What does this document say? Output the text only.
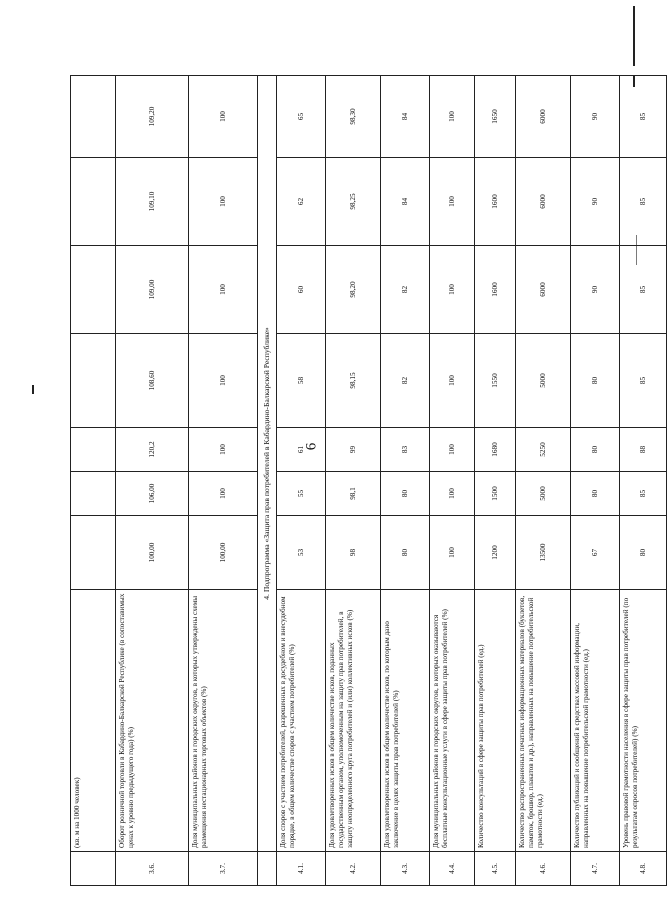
6
	(кв. м на 1000 человек)							
3.6.	Оборот розничной торговли в Кабардино-Балкарской Республике (в сопоставимых ценах к уровню предыдущего года) (%)	100,00	106,00	120,2	108,60	109,00	109,10	109,20
3.7.	Доля муниципальных районов и городских округов, в которых утверждены схемы размещения нестационарных торговых объектов (%)	100,00	100	100	100	100	100	100
	4. Подпрограмма «Защита прав потребителей в Кабардино-Балкарской Республике»							
4.1.	Доля споров с участием потребителей, разрешенных в досудебном и внесудебном порядке, в общем количестве споров с участием потребителей (%)	53	55	61	58	60	62	65
4.2.	Доля удовлетворенных исков в общем количестве исков, поданных государственным органом, уполномоченным на защиту прав потребителей, в защиту неопределенного круга потребителей и (или) коллективных исков (%)	98	98,1	99	98,15	98,20	98,25	98,30
4.3.	Доля удовлетворенных исков в общем количестве исков, по которым дано заключение в целях защиты прав потребителей (%)	80	80	83	82	82	84	84
4.4.	Доля муниципальных районов и городских округов, в которых оказываются бесплатные консультационные услуги в сфере защиты прав потребителей (%)	100	100	100	100	100	100	100
4.5.	Количество консультаций в сфере защиты прав потребителей (ед.)	1200	1500	1680	1550	1600	1600	1650
4.6.	Количество распространенных печатных информационных материалов (буклетов, памяток, брошюр, плакатов и др.), направленных на повышение потребительской грамотности (ед.)	13500	5000	5250	5000	6000	6000	6000
4.7.	Количество публикаций и сообщений в средствах массовой информации, направленных на повышение потребительской грамотности (ед.)	67	80	80	80	90	90	90
4.8.	Уровень правовой грамотности населения в сфере защиты прав потребителей (по результатам опросов потребителей) (%)	80	85	88	85	85	85	85
